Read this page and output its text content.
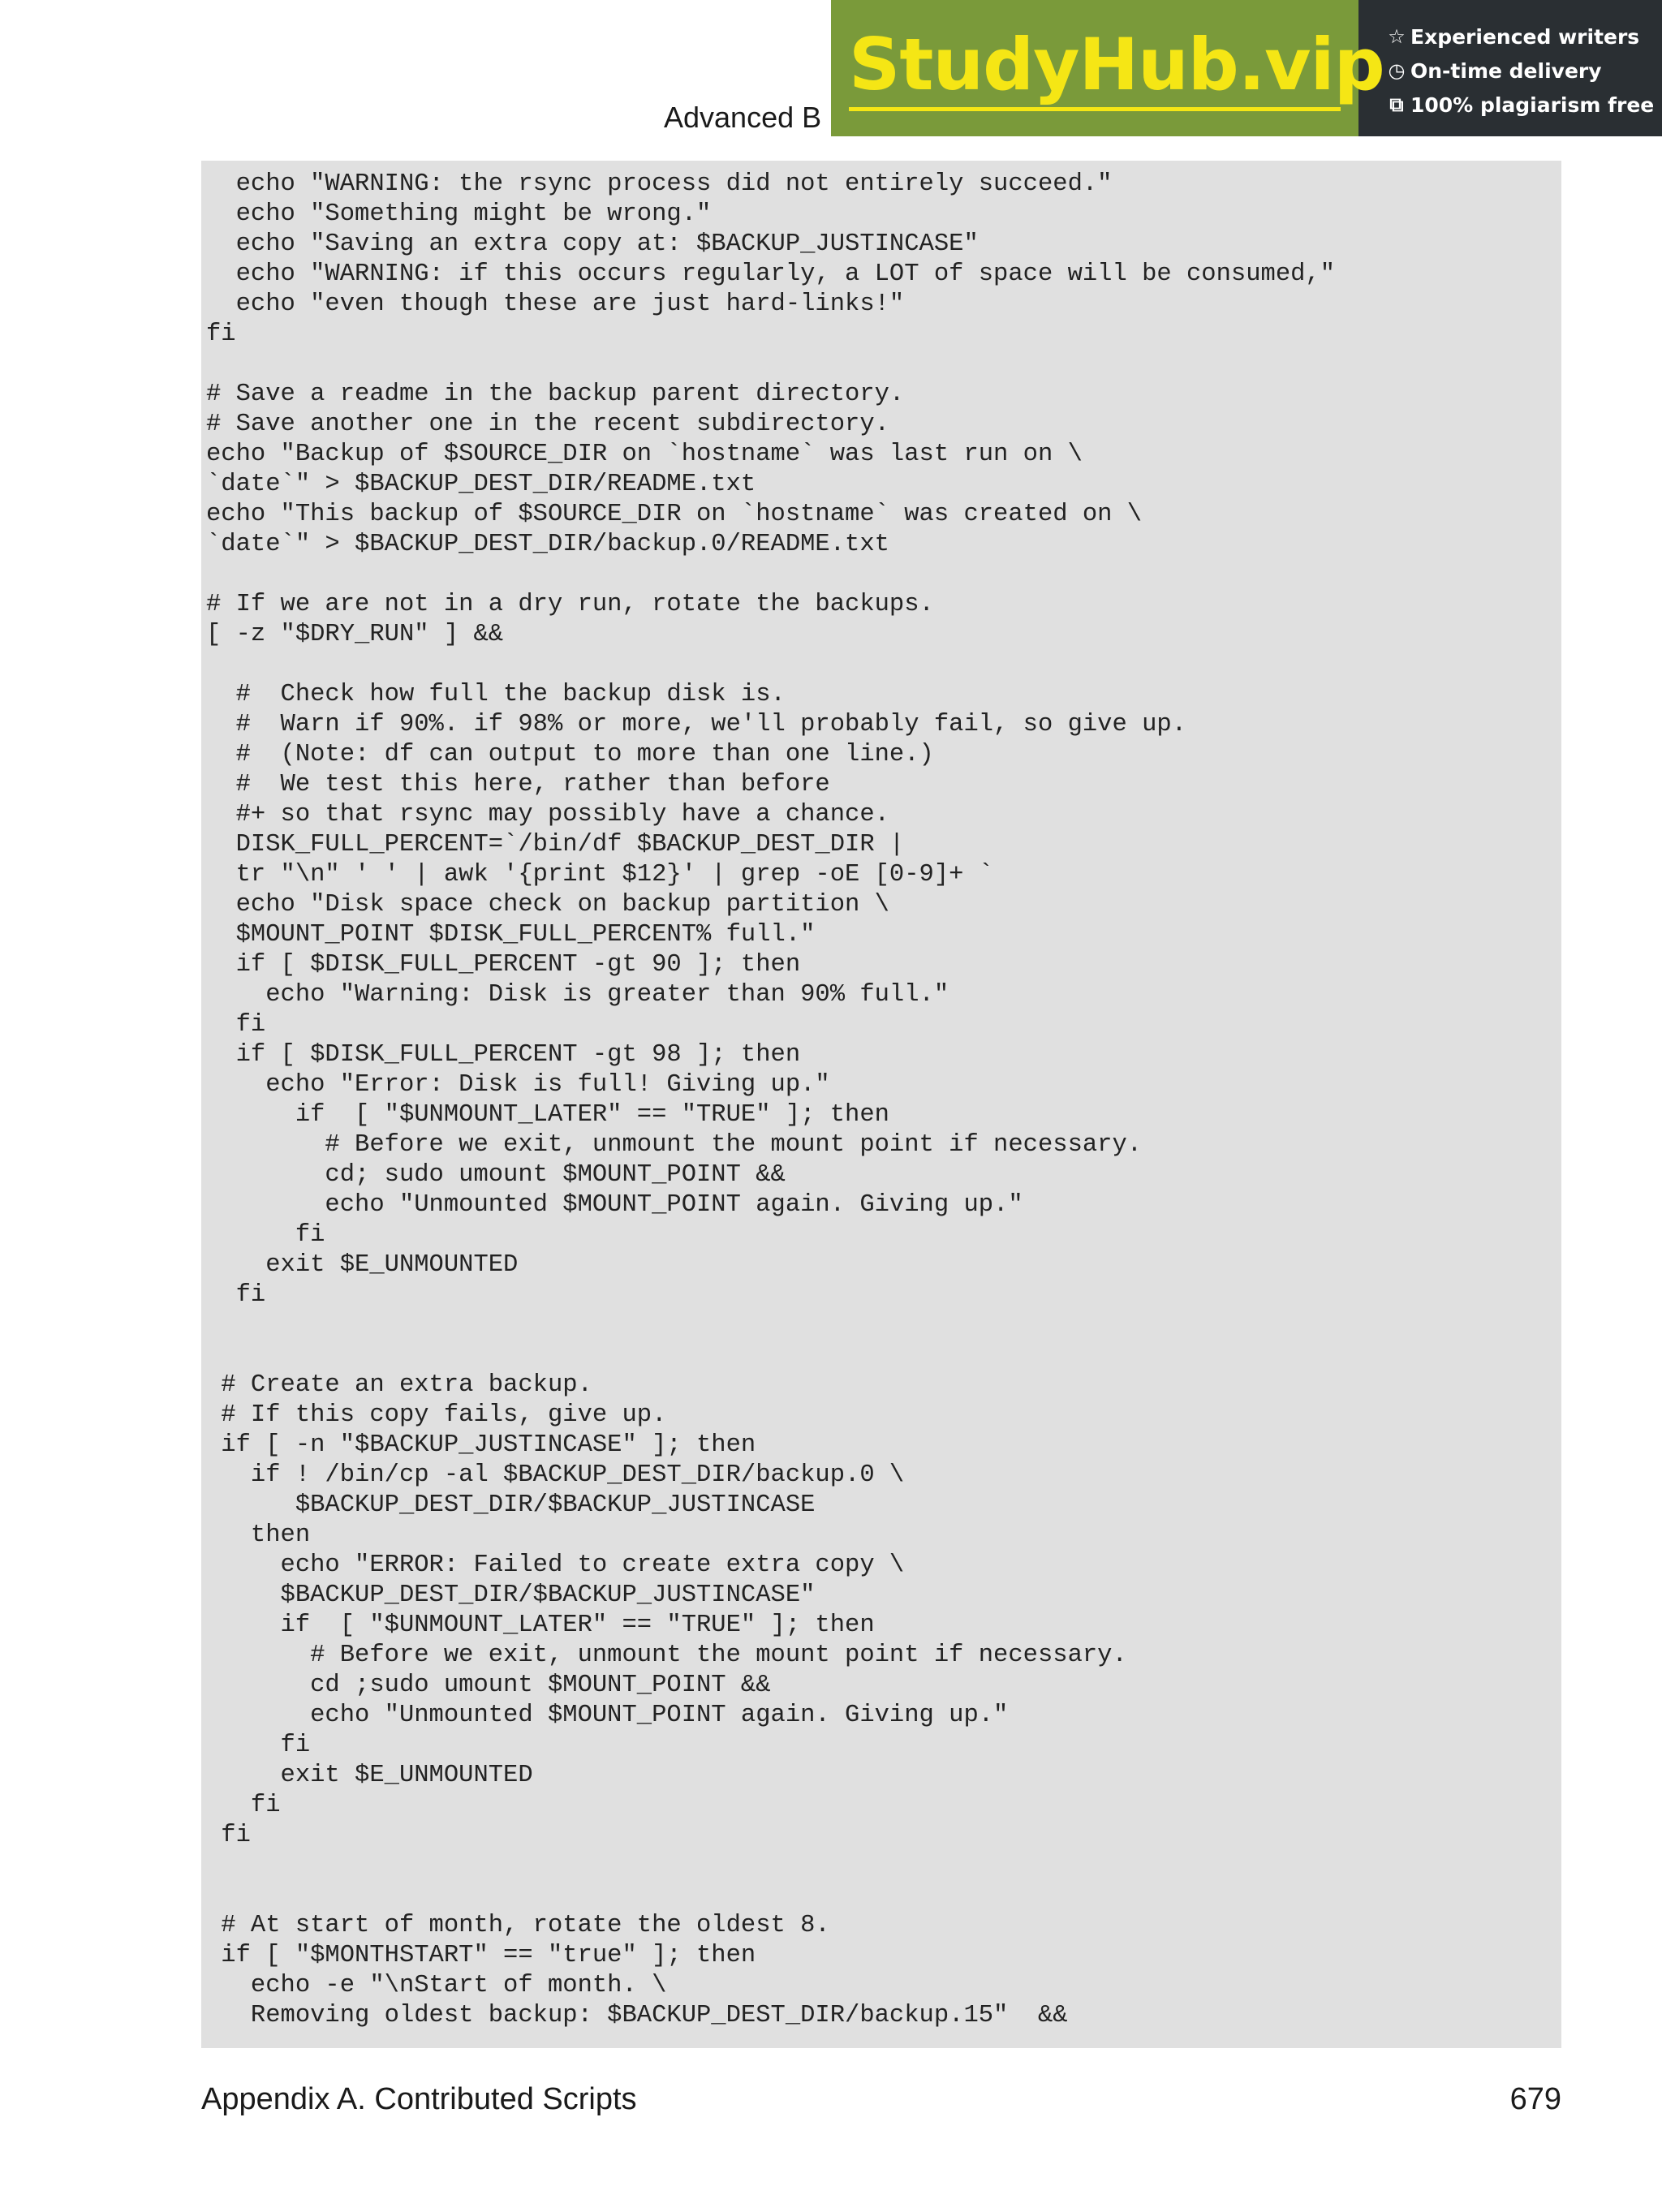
Advanced B
echo "WARNING: the rsync process did not entirely succeed."
echo "Something might be wrong."
echo "Saving an extra copy at: $BACKUP_JUSTINCASE"
echo "WARNING: if this occurs regularly, a LOT of space will be consumed,"
echo "even though these are just hard-links!"
fi
# Save a readme in the backup parent directory.
# Save another one in the recent subdirectory.
echo "Backup of $SOURCE_DIR on `hostname` was last run on \
`date`" > $BACKUP_DEST_DIR/README.txt
echo "This backup of $SOURCE_DIR on `hostname` was created on \
`date`" > $BACKUP_DEST_DIR/backup.0/README.txt
# If we are not in a dry run, rotate the backups.
[ -z "$DRY_RUN" ] &&
#  Check how full the backup disk is.
#  Warn if 90%. if 98% or more, we'll probably fail, so give up.
#  (Note: df can output to more than one line.)
#  We test this here, rather than before
#+ so that rsync may possibly have a chance.
DISK_FULL_PERCENT=`/bin/df $BACKUP_DEST_DIR |
tr "\n" ' ' | awk '{print $12}' | grep -oE [0-9]+ `
echo "Disk space check on backup partition \
$MOUNT_POINT $DISK_FULL_PERCENT% full."
if [ $DISK_FULL_PERCENT -gt 90 ]; then
echo "Warning: Disk is greater than 90% full."
fi
if [ $DISK_FULL_PERCENT -gt 98 ]; then
echo "Error: Disk is full! Giving up."
if  [ "$UNMOUNT_LATER" == "TRUE" ]; then
# Before we exit, unmount the mount point if necessary.
cd; sudo umount $MOUNT_POINT &&
echo "Unmounted $MOUNT_POINT again. Giving up."
fi
exit $E_UNMOUNTED
fi
# Create an extra backup.
# If this copy fails, give up.
if [ -n "$BACKUP_JUSTINCASE" ]; then
if ! /bin/cp -al $BACKUP_DEST_DIR/backup.0 \
$BACKUP_DEST_DIR/$BACKUP_JUSTINCASE
then
echo "ERROR: Failed to create extra copy \
$BACKUP_DEST_DIR/$BACKUP_JUSTINCASE"
if  [ "$UNMOUNT_LATER" == "TRUE" ]; then
# Before we exit, unmount the mount point if necessary.
cd ;sudo umount $MOUNT_POINT &&
echo "Unmounted $MOUNT_POINT again. Giving up."
fi
exit $E_UNMOUNTED
fi
fi
# At start of month, rotate the oldest 8.
if [ "$MONTHSTART" == "true" ]; then
echo -e "\nStart of month. \
Removing oldest backup: $BACKUP_DEST_DIR/backup.15"  &&
Appendix A. Contributed Scripts	679
StudyHub.vip ☆ Experienced writers
◷ On-time delivery
⧉ 100% plagiarism free
